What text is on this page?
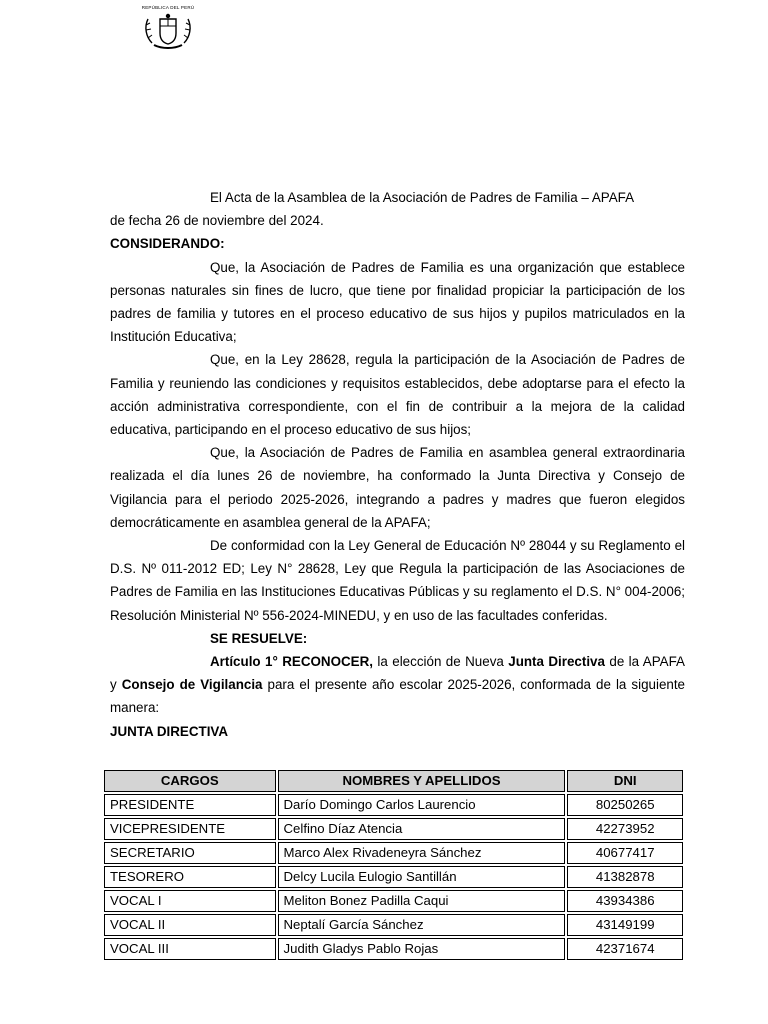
REPÚBLICA DEL PERÚ

El Acta de la Asamblea de la Asociación de Padres de Familia – APAFA

de fecha 26 de noviembre del 2024.

CONSIDERANDO:

Que, la Asociación de Padres de Familia es una organización que establece personas naturales sin fines de lucro, que tiene por finalidad propiciar la participación de los padres de familia y tutores en el proceso educativo de sus hijos y pupilos matriculados en la Institución Educativa;

Que, en la Ley 28628, regula la participación de la Asociación de Padres de Familia y reuniendo las condiciones y requisitos establecidos, debe adoptarse para el efecto la acción administrativa correspondiente, con el fin de contribuir a la mejora de la calidad educativa, participando en el proceso educativo de sus hijos;

Que, la Asociación de Padres de Familia en asamblea general extraordinaria realizada el día lunes 26 de noviembre, ha conformado la Junta Directiva y Consejo de Vigilancia para el periodo 2025-2026, integrando a padres y madres que fueron elegidos democráticamente en asamblea general de la APAFA;

De conformidad con la Ley General de Educación Nº 28044 y su Reglamento el D.S. Nº 011-2012 ED; Ley N° 28628, Ley que Regula la participación de las Asociaciones de Padres de Familia en las Instituciones Educativas Públicas y su reglamento el D.S. N° 004-2006; Resolución Ministerial Nº 556-2024-MINEDU, y en uso de las facultades conferidas.

SE RESUELVE:

Artículo 1° RECONOCER, la elección de Nueva Junta Directiva de la APAFA y Consejo de Vigilancia para el presente año escolar 2025-2026, conformada de la siguiente manera:

JUNTA DIRECTIVA

CARGOS	NOMBRES Y APELLIDOS	DNI
PRESIDENTE	Darío Domingo Carlos Laurencio	80250265
VICEPRESIDENTE	Celfino Díaz Atencia	42273952
SECRETARIO	Marco Alex Rivadeneyra Sánchez	40677417
TESORERO	Delcy Lucila Eulogio Santillán	41382878
VOCAL I	Meliton Bonez Padilla Caqui	43934386
VOCAL II	Neptalí García Sánchez	43149199
VOCAL III	Judith Gladys Pablo Rojas	42371674
